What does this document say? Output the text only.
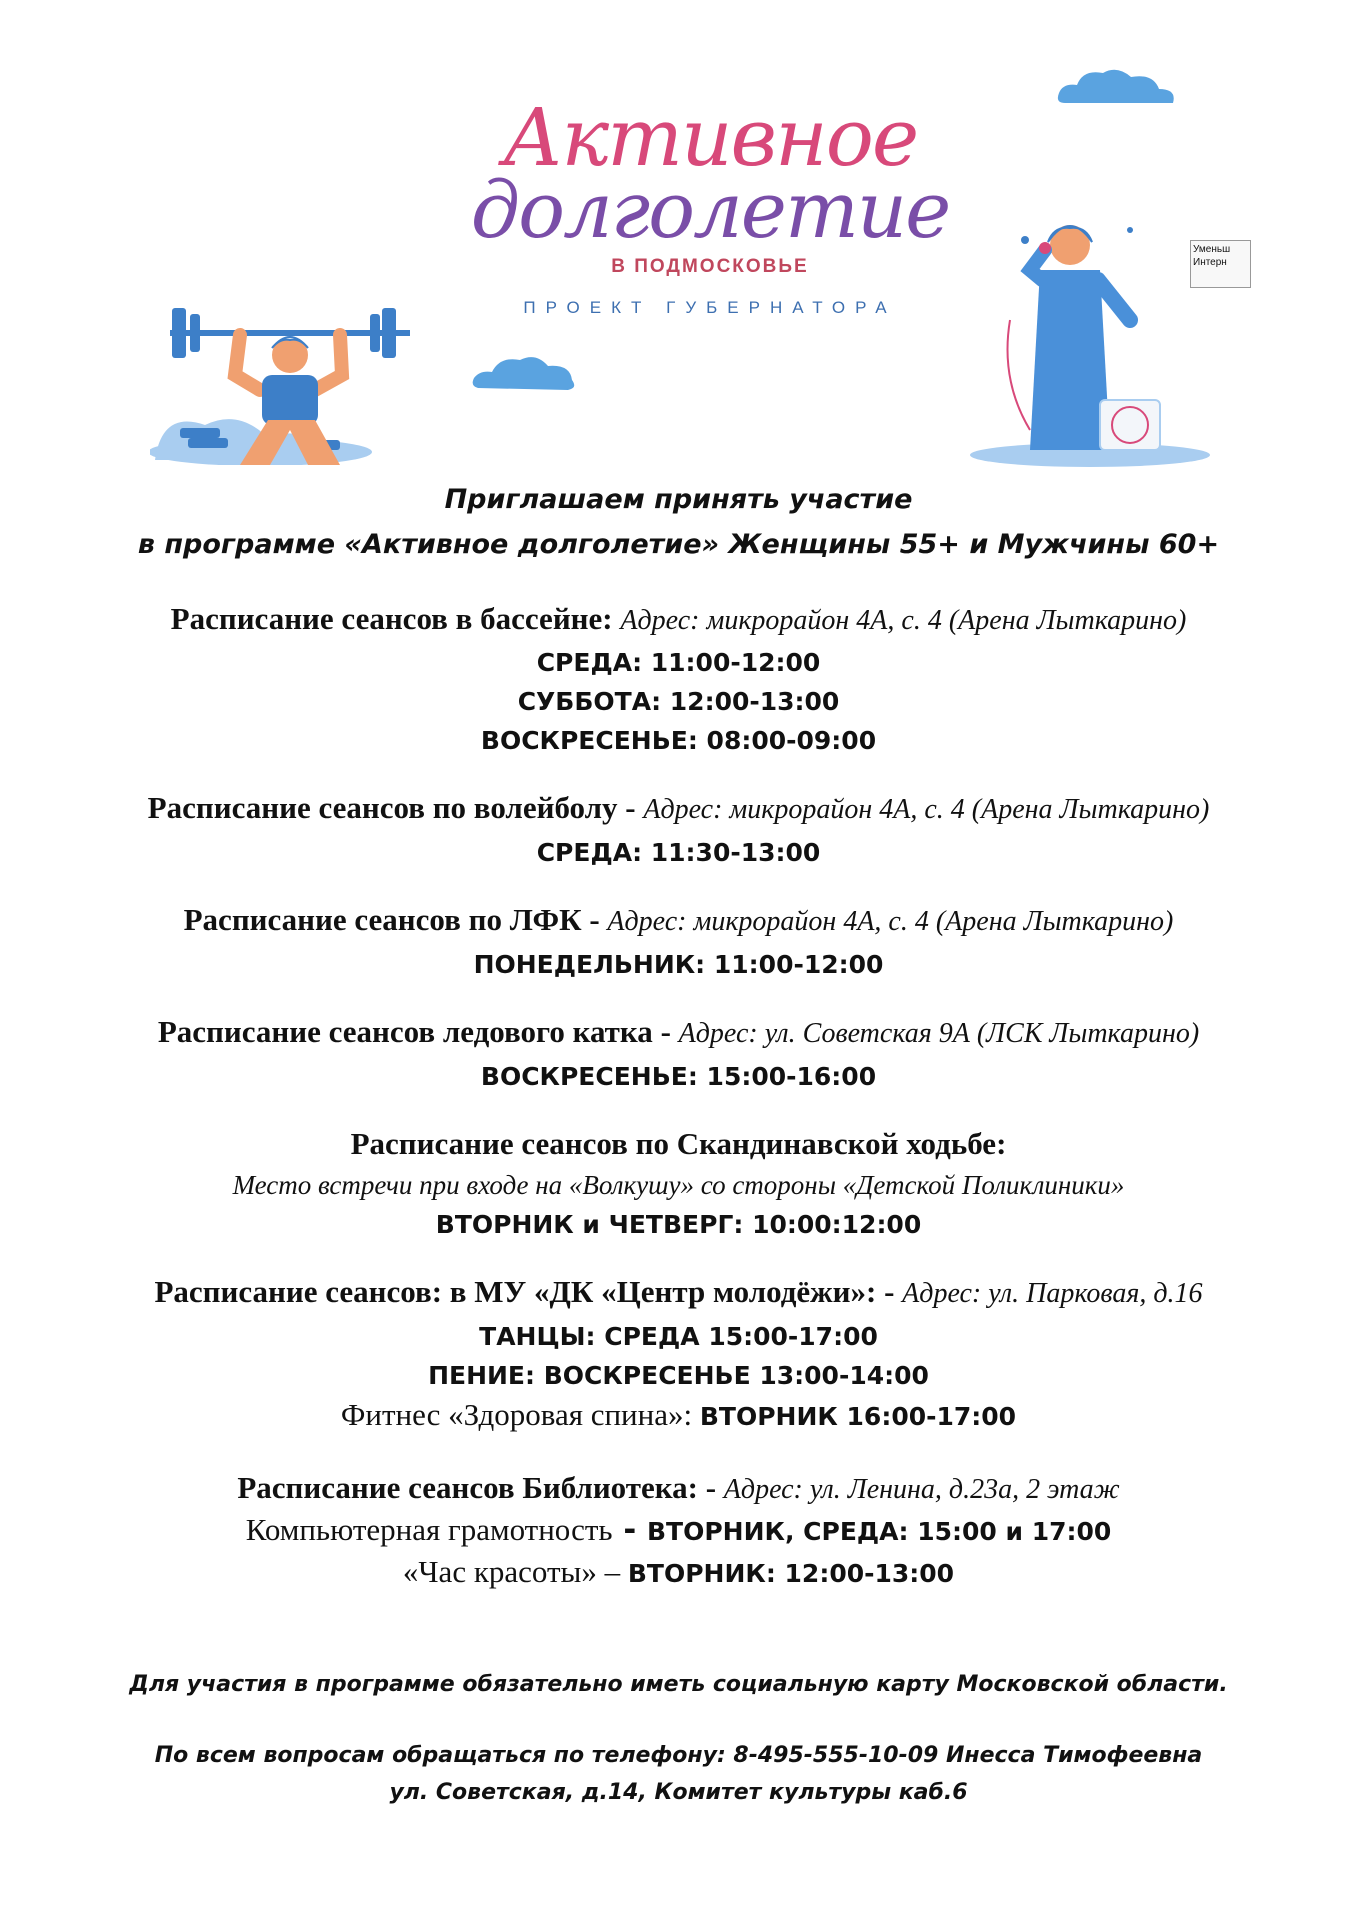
Уменьш Интерн
Активное
долголетие
В ПОДМОСКОВЬЕ
ПРОЕКТ ГУБЕРНАТОРА
Приглашаем принять участие
в программе «Активное долголетие» Женщины 55+ и Мужчины 60+
Расписание сеансов в бассейне: Адрес: микрорайон 4А, с. 4 (Арена Лыткарино)
СРЕДА: 11:00-12:00
СУББОТА: 12:00-13:00
ВОСКРЕСЕНЬЕ: 08:00-09:00
Расписание сеансов по волейболу - Адрес: микрорайон 4А, с. 4 (Арена Лыткарино)
СРЕДА: 11:30-13:00
Расписание сеансов по ЛФК - Адрес: микрорайон 4А, с. 4 (Арена Лыткарино)
ПОНЕДЕЛЬНИК: 11:00-12:00
Расписание сеансов ледового катка - Адрес: ул. Советская 9А (ЛСК Лыткарино)
ВОСКРЕСЕНЬЕ: 15:00-16:00
Расписание сеансов по Скандинавской ходьбе:
Место встречи при входе на «Волкушу» со стороны «Детской Поликлиники»
ВТОРНИК и ЧЕТВЕРГ: 10:00:12:00
Расписание сеансов: в МУ «ДК «Центр молодёжи»: - Адрес: ул. Парковая, д.16
ТАНЦЫ: СРЕДА 15:00-17:00
ПЕНИЕ: ВОСКРЕСЕНЬЕ 13:00-14:00
Фитнес «Здоровая спина»: ВТОРНИК 16:00-17:00
Расписание сеансов Библиотека: - Адрес: ул. Ленина, д.23а, 2 этаж
Компьютерная грамотность - ВТОРНИК, СРЕДА: 15:00 и 17:00
«Час красоты» – ВТОРНИК: 12:00-13:00
Для участия в программе обязательно иметь социальную карту Московской области.
По всем вопросам обращаться по телефону: 8-495-555-10-09 Инесса Тимофеевна
ул. Советская, д.14, Комитет культуры каб.6
